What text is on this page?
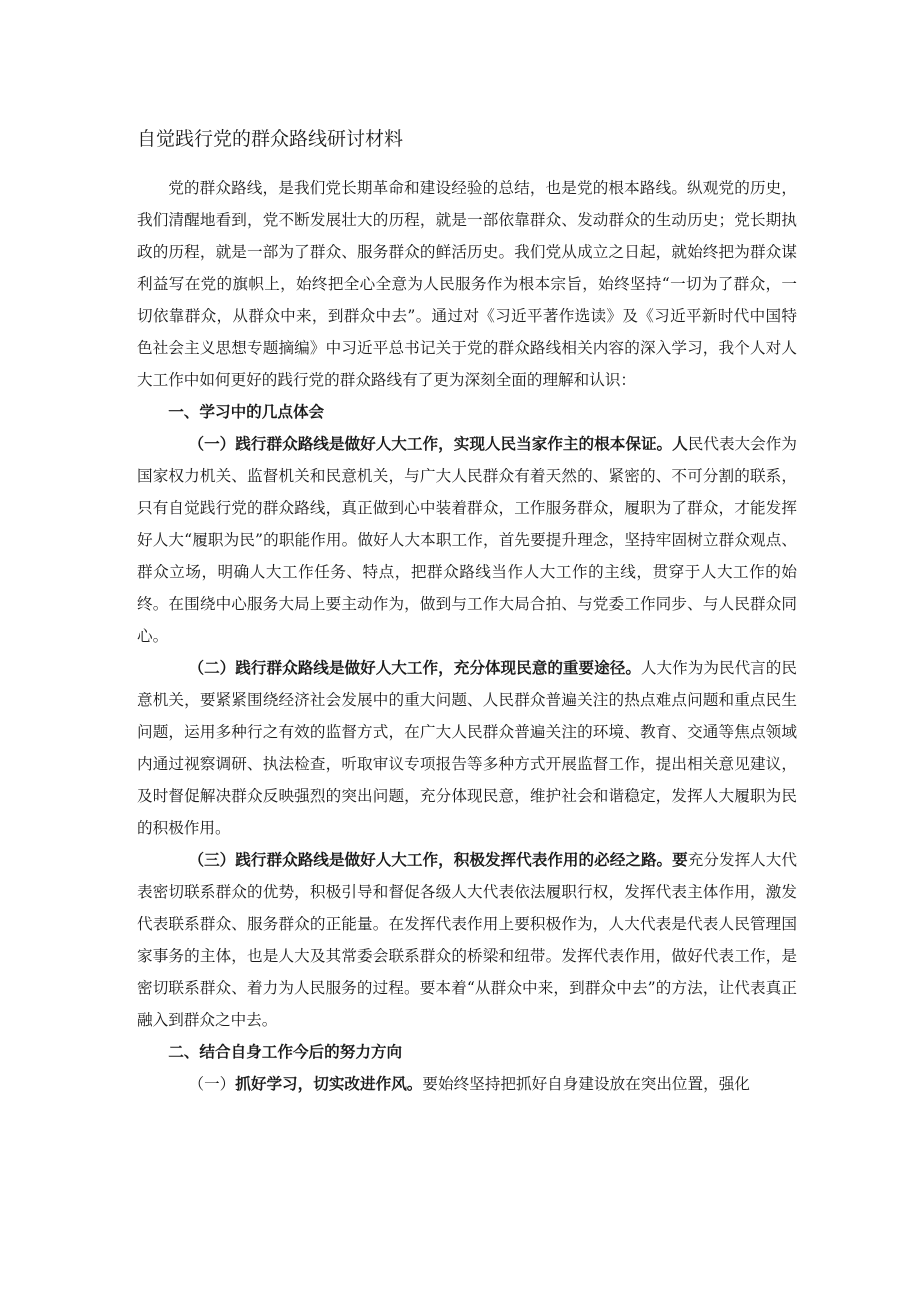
自觉践行党的群众路线研讨材料

党的群众路线，是我们党长期革命和建设经验的总结，也是党的根本路线。纵观党的历史，我们清醒地看到，党不断发展壮大的历程，就是一部依靠群众、发动群众的生动历史；党长期执政的历程，就是一部为了群众、服务群众的鲜活历史。我们党从成立之日起，就始终把为群众谋利益写在党的旗帜上，始终把全心全意为人民服务作为根本宗旨，始终坚持“一切为了群众，一切依靠群众，从群众中来，到群众中去”。通过对《习近平著作选读》及《习近平新时代中国特色社会主义思想专题摘编》中习近平总书记关于党的群众路线相关内容的深入学习，我个人对人大工作中如何更好的践行党的群众路线有了更为深刻全面的理解和认识：

一、学习中的几点体会

（一）践行群众路线是做好人大工作，实现人民当家作主的根本保证。人民代表大会作为国家权力机关、监督机关和民意机关，与广大人民群众有着天然的、紧密的、不可分割的联系，只有自觉践行党的群众路线，真正做到心中装着群众，工作服务群众，履职为了群众，才能发挥好人大“履职为民”的职能作用。做好人大本职工作，首先要提升理念，坚持牢固树立群众观点、群众立场，明确人大工作任务、特点，把群众路线当作人大工作的主线，贯穿于人大工作的始终。在围绕中心服务大局上要主动作为，做到与工作大局合拍、与党委工作同步、与人民群众同心。

（二）践行群众路线是做好人大工作，充分体现民意的重要途径。人大作为为民代言的民意机关，要紧紧围绕经济社会发展中的重大问题、人民群众普遍关注的热点难点问题和重点民生问题，运用多种行之有效的监督方式，在广大人民群众普遍关注的环境、教育、交通等焦点领域内通过视察调研、执法检查，听取审议专项报告等多种方式开展监督工作，提出相关意见建议，及时督促解决群众反映强烈的突出问题，充分体现民意，维护社会和谐稳定，发挥人大履职为民的积极作用。

（三）践行群众路线是做好人大工作，积极发挥代表作用的必经之路。要充分发挥人大代表密切联系群众的优势，积极引导和督促各级人大代表依法履职行权，发挥代表主体作用，激发代表联系群众、服务群众的正能量。在发挥代表作用上要积极作为，人大代表是代表人民管理国家事务的主体，也是人大及其常委会联系群众的桥梁和纽带。发挥代表作用，做好代表工作，是密切联系群众、着力为人民服务的过程。要本着“从群众中来，到群众中去”的方法，让代表真正融入到群众之中去。

二、结合自身工作今后的努力方向

（一）抓好学习，切实改进作风。要始终坚持把抓好自身建设放在突出位置，强化
